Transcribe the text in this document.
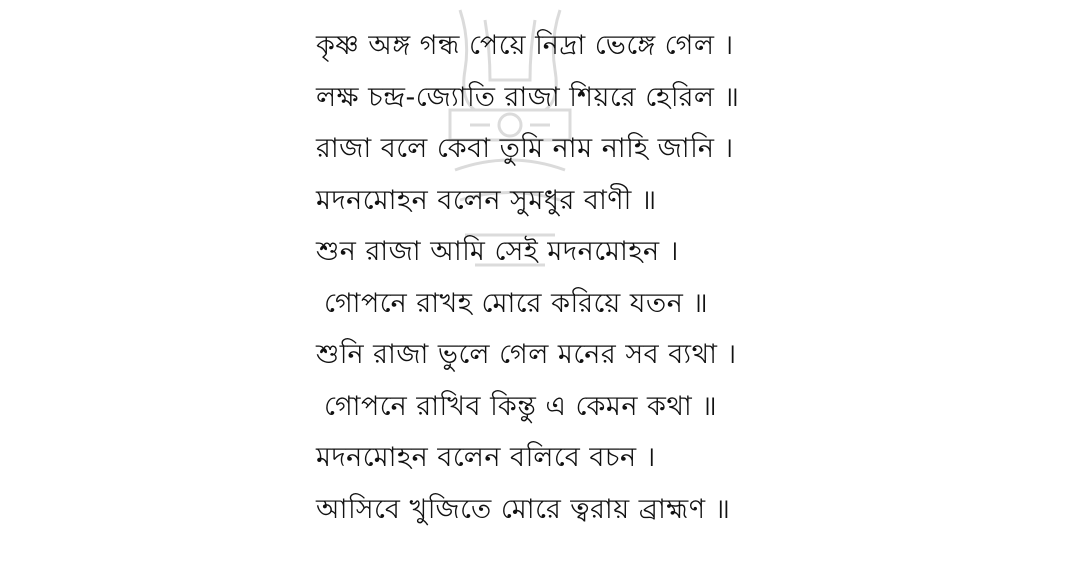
কৃষ্ণ অঙ্গ গন্ধ পেয়ে নিদ্রা ভেঙ্গে গেল ।
লক্ষ চন্দ্র-জ্যোতি রাজা শিয়রে হেরিল ॥
রাজা বলে কেবা তুমি নাম নাহি জানি ।
মদনমোহন বলেন সুমধুর বাণী ॥
শুন রাজা আমি সেই মদনমোহন ।
গোপনে রাখহ মোরে করিয়ে যতন ॥
শুনি রাজা ভুলে গেল মনের সব ব্যথা ।
গোপনে রাখিব কিন্তু এ কেমন কথা ॥
মদনমোহন বলেন বলিবে বচন ।
আসিবে খুজিতে মোরে ত্বরায় ব্রাহ্মণ ॥
